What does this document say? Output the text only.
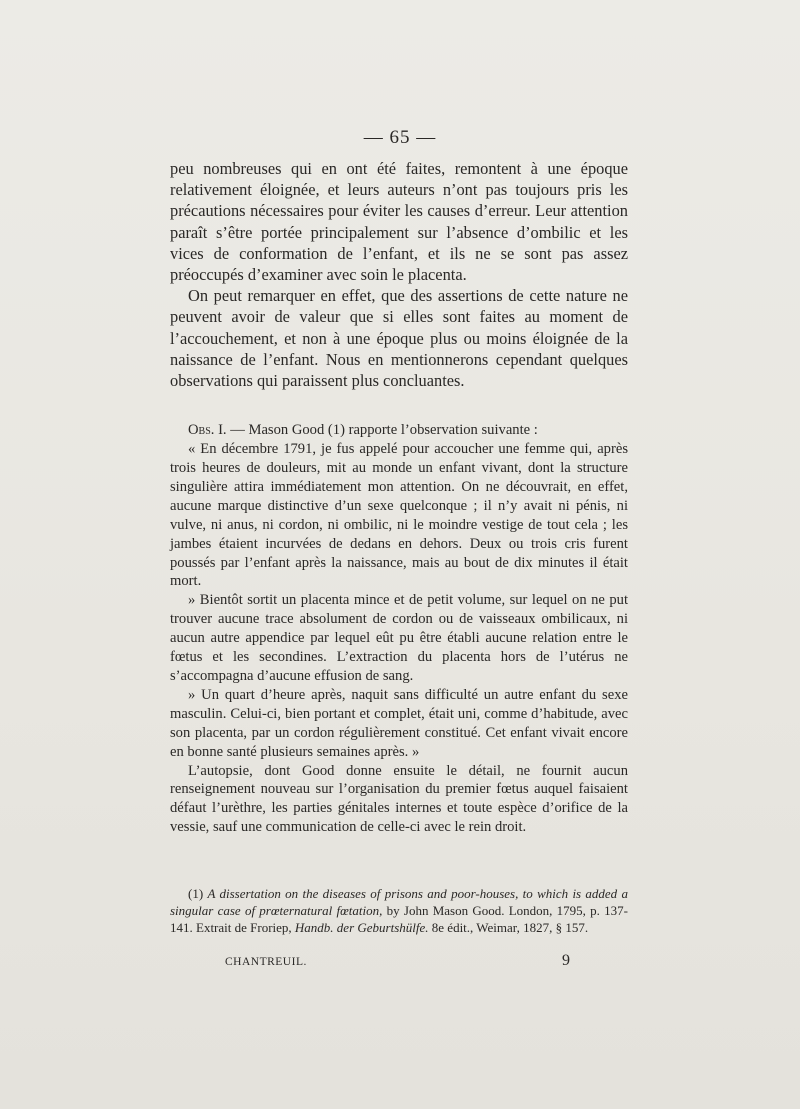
— 65 —

peu nombreuses qui en ont été faites, remontent à une époque relativement éloignée, et leurs auteurs n’ont pas toujours pris les précautions nécessaires pour éviter les causes d’erreur. Leur attention paraît s’être portée principalement sur l’absence d’ombilic et les vices de conformation de l’enfant, et ils ne se sont pas assez préoccupés d’examiner avec soin le placenta.

On peut remarquer en effet, que des assertions de cette nature ne peuvent avoir de valeur que si elles sont faites au moment de l’accouchement, et non à une époque plus ou moins éloignée de la naissance de l’enfant. Nous en mentionnerons cependant quelques observations qui paraissent plus concluantes.

Obs. I. — Mason Good (1) rapporte l’observation suivante :

« En décembre 1791, je fus appelé pour accoucher une femme qui, après trois heures de douleurs, mit au monde un enfant vivant, dont la structure singulière attira immédiatement mon attention. On ne découvrait, en effet, aucune marque distinctive d’un sexe quelconque ; il n’y avait ni pénis, ni vulve, ni anus, ni cordon, ni ombilic, ni le moindre vestige de tout cela ; les jambes étaient incurvées de dedans en dehors. Deux ou trois cris furent poussés par l’enfant après la naissance, mais au bout de dix minutes il était mort.

» Bientôt sortit un placenta mince et de petit volume, sur lequel on ne put trouver aucune trace absolument de cordon ou de vaisseaux ombilicaux, ni aucun autre appendice par lequel eût pu être établi aucune relation entre le fœtus et les secondines. L’extraction du placenta hors de l’utérus ne s’accompagna d’aucune effusion de sang.

» Un quart d’heure après, naquit sans difficulté un autre enfant du sexe masculin. Celui-ci, bien portant et complet, était uni, comme d’habitude, avec son placenta, par un cordon régulièrement constitué. Cet enfant vivait encore en bonne santé plusieurs semaines après. »

L’autopsie, dont Good donne ensuite le détail, ne fournit aucun renseignement nouveau sur l’organisation du premier fœtus auquel faisaient défaut l’urèthre, les parties génitales internes et toute espèce d’orifice de la vessie, sauf une communication de celle-ci avec le rein droit.

(1) A dissertation on the diseases of prisons and poor-houses, to which is added a singular case of prœternatural fœtation, by John Mason Good. London, 1795, p. 137-141. Extrait de Froriep, Handb. der Geburtshülfe. 8e édit., Weimar, 1827, § 157.

CHANTREUIL.	9
